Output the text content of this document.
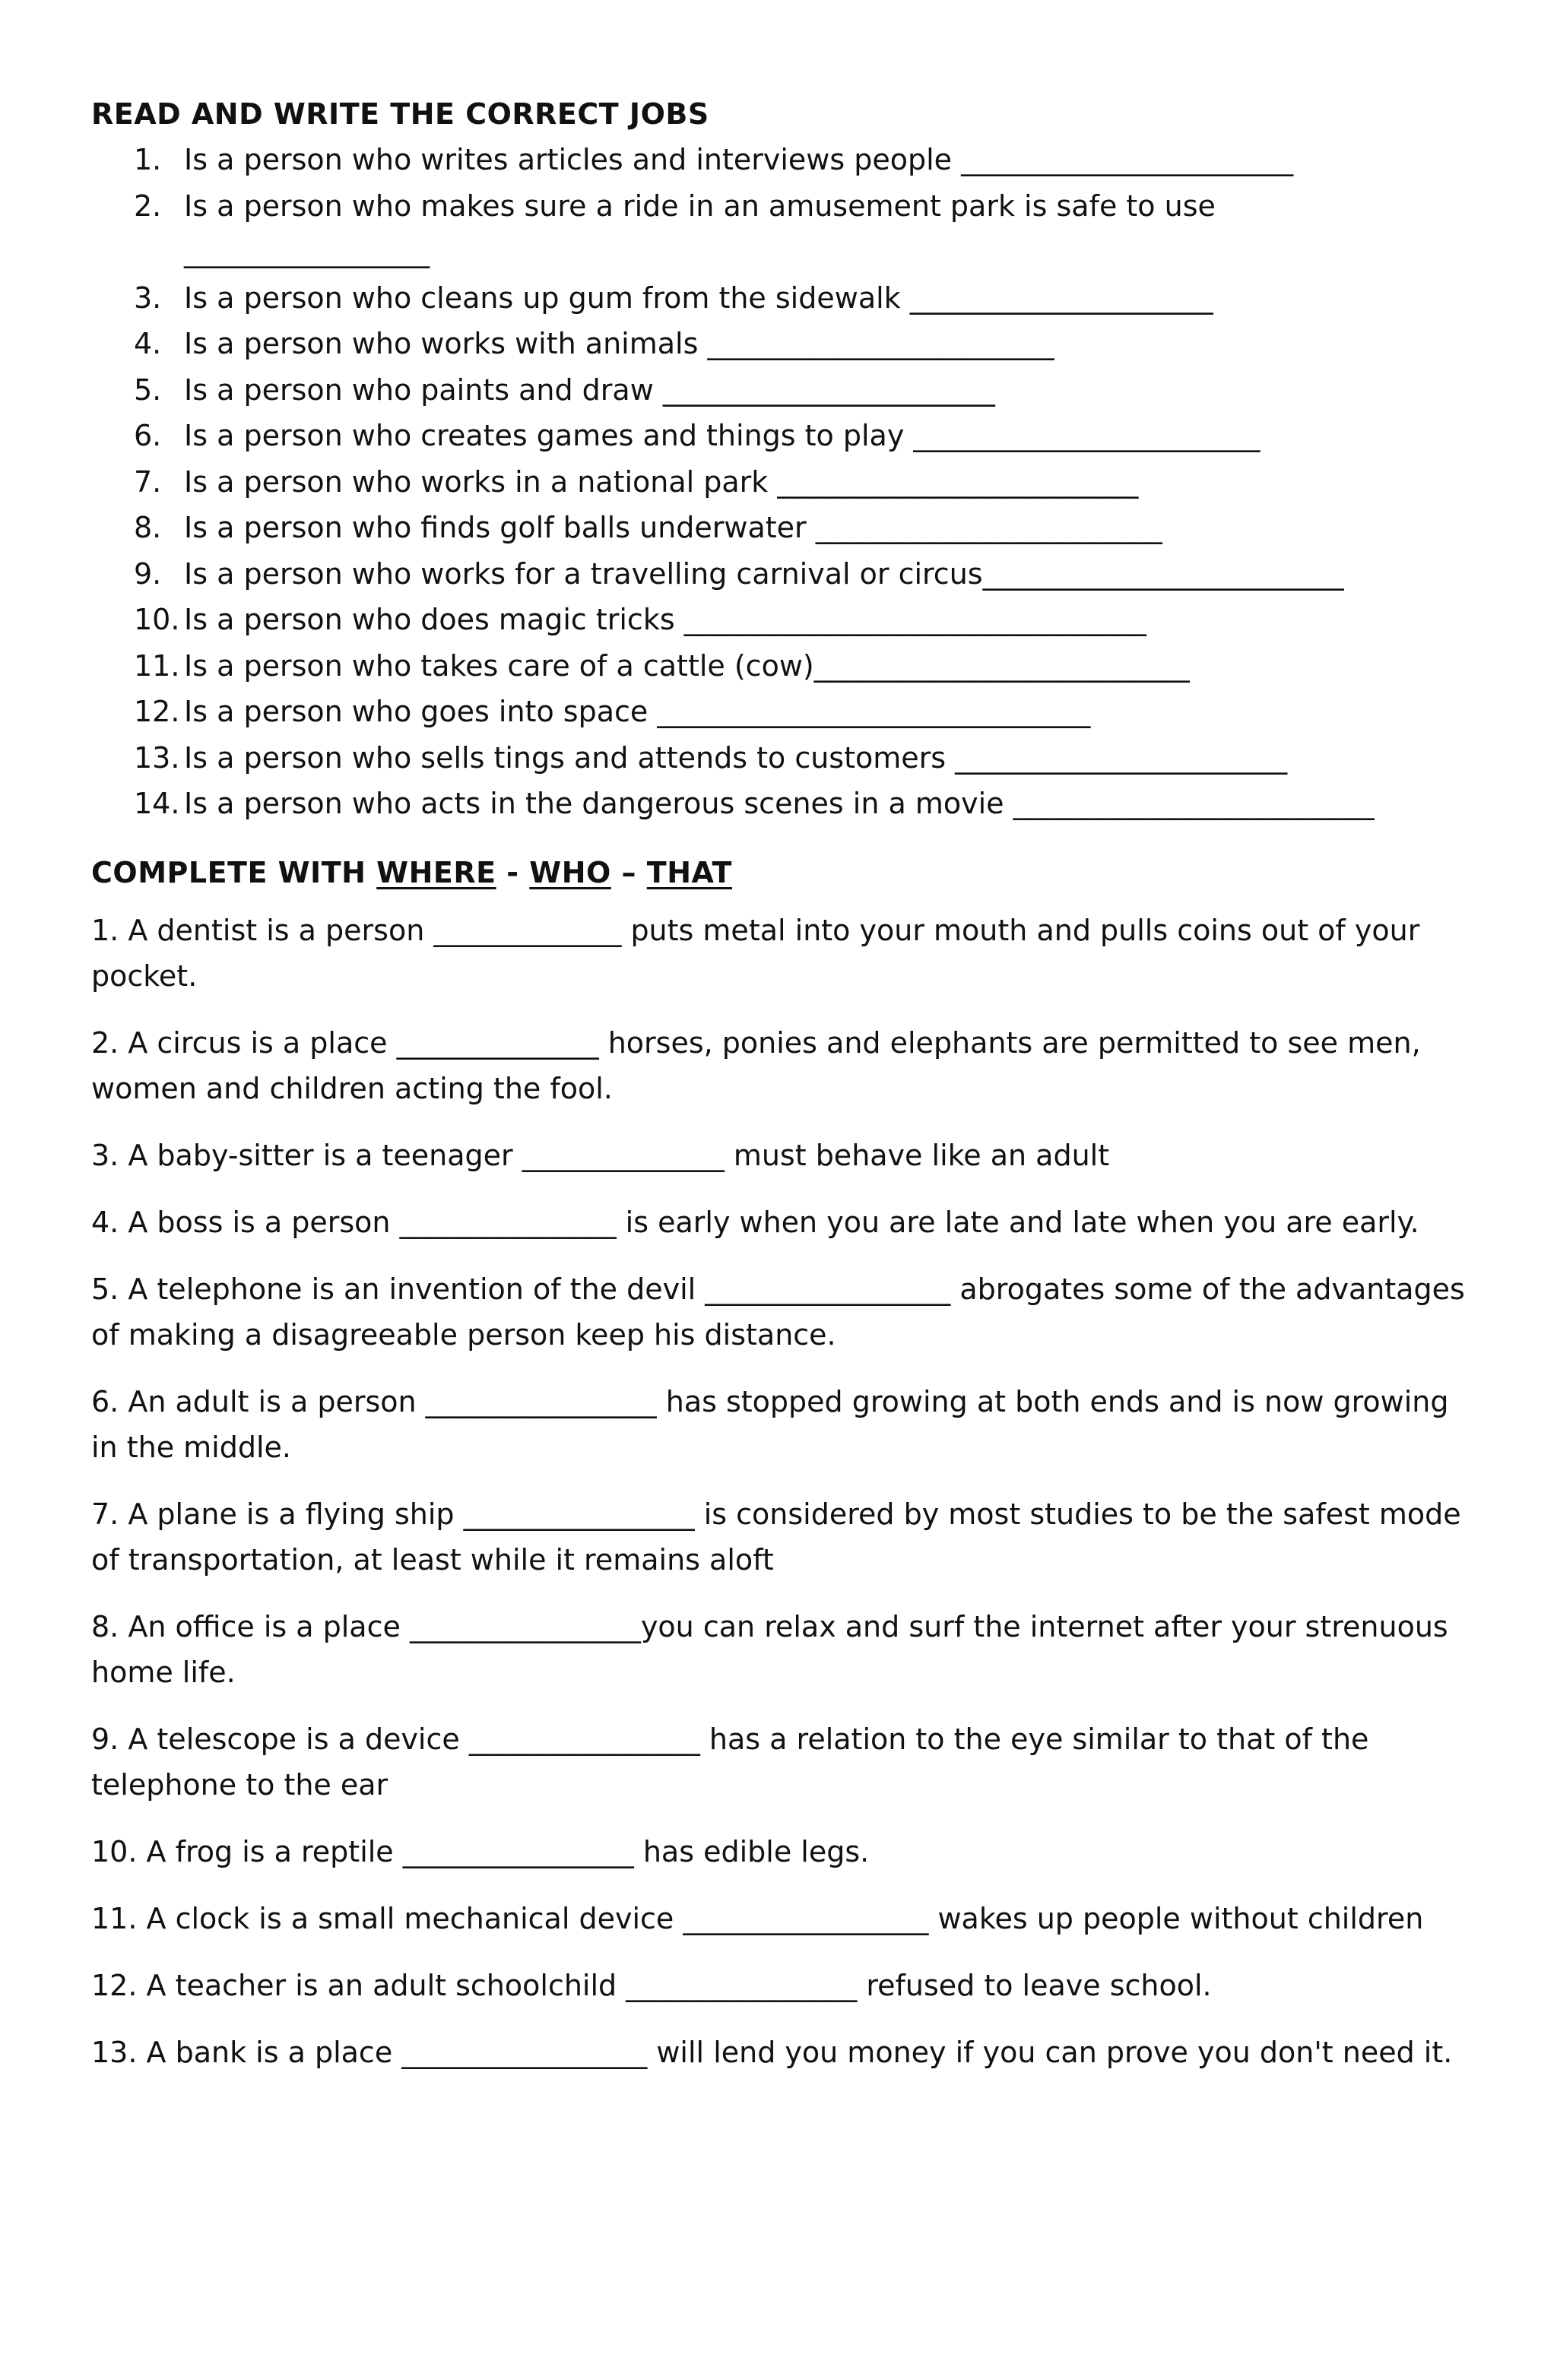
READ AND WRITE THE CORRECT JOBS
1. Is a person who writes articles and interviews people _______________________
2. Is a person who makes sure a ride in an amusement park is safe to use
_________________
3. Is a person who cleans up gum from the sidewalk _____________________
4. Is a person who works with animals ________________________
5. Is a person who paints and draw _______________________
6. Is a person who creates games and things to play ________________________
7. Is a person who works in a national park _________________________
8. Is a person who finds golf balls underwater ________________________
9. Is a person who works for a travelling carnival or circus_________________________
10. Is a person who does magic tricks ________________________________
11. Is a person who takes care of a cattle (cow)__________________________
12. Is a person who goes into space ______________________________
13. Is a person who sells tings and attends to customers _______________________
14. Is a person who acts in the dangerous scenes in a movie _________________________
COMPLETE WITH WHERE - WHO – THAT

1. A dentist is a person _____________ puts metal into your mouth and pulls coins out of your pocket.

2. A circus is a place ______________ horses, ponies and elephants are permitted to see men, women and children acting the fool.

3. A baby-sitter is a teenager ______________ must behave like an adult

4. A boss is a person _______________ is early when you are late and late when you are early.

5. A telephone is an invention of the devil _________________ abrogates some of the advantages of making a disagreeable person keep his distance.

6. An adult is a person ________________ has stopped growing at both ends and is now growing in the middle.

7. A plane is a flying ship ________________ is considered by most studies to be the safest mode of transportation, at least while it remains aloft

8. An office is a place ________________you can relax and surf the internet after your strenuous home life.

9. A telescope is a device ________________ has a relation to the eye similar to that of the telephone to the ear

10. A frog is a reptile ________________ has edible legs.

11. A clock is a small mechanical device _________________ wakes up people without children

12. A teacher is an adult schoolchild ________________ refused to leave school.

13. A bank is a place _________________ will lend you money if you can prove you don't need it.
